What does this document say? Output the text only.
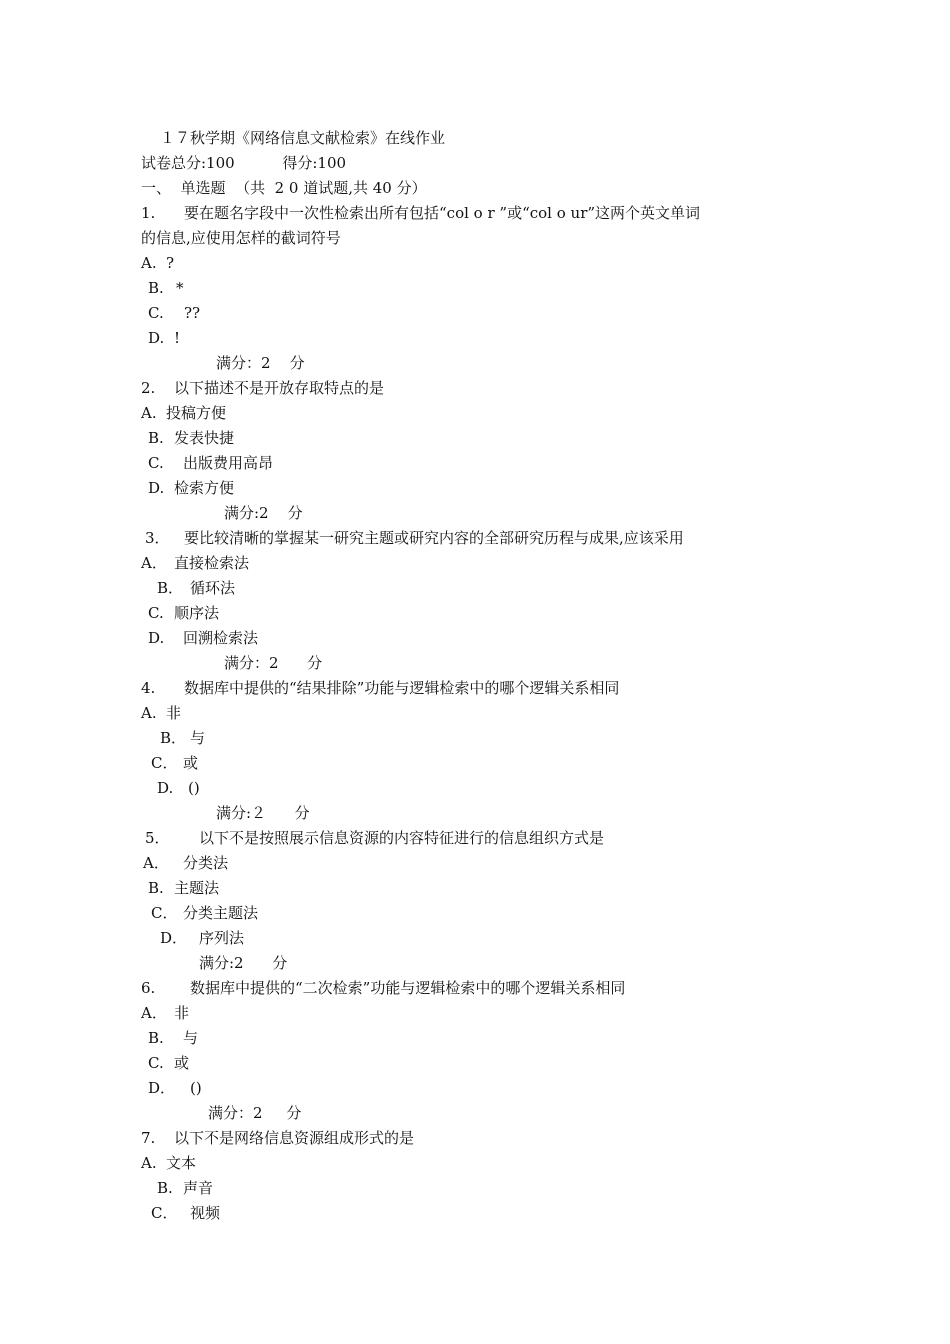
１７秋学期《网络信息文献检索》在线作业
试卷总分:100          得分:100
一、  单选题  （共  2 0 道试题,共 40 分）
1. 要在题名字段中一次性检索出所有包括“col o r ”或“col o ur”这两个英文单词
的信息,应使用怎样的截词符号
A. ?
B. *
C. ??
D. !
满分：2    分
2. 以下描述不是开放存取特点的是
A. 投稿方便
B. 发表快捷
C. 出版费用高昂
D. 检索方便
满分:2    分
3． 要比较清晰的掌握某一研究主题或研究内容的全部研究历程与成果,应该采用
A． 直接检索法
B． 循环法
C. 顺序法
D. 回溯检索法
满分：2      分
4. 数据库中提供的“结果排除”功能与逻辑检索中的哪个逻辑关系相同
A. 非
B． 与
C． 或
D. ()
满分:２      分
5． 以下不是按照展示信息资源的内容特征进行的信息组织方式是
A． 分类法
B. 主题法
C． 分类主题法
D． 序列法
满分:2      分
6. 数据库中提供的“二次检索”功能与逻辑检索中的哪个逻辑关系相同
A． 非
B. 与
C. 或
D． ()
满分：2     分
7. 以下不是网络信息资源组成形式的是
A. 文本
B. 声音
C． 视频
